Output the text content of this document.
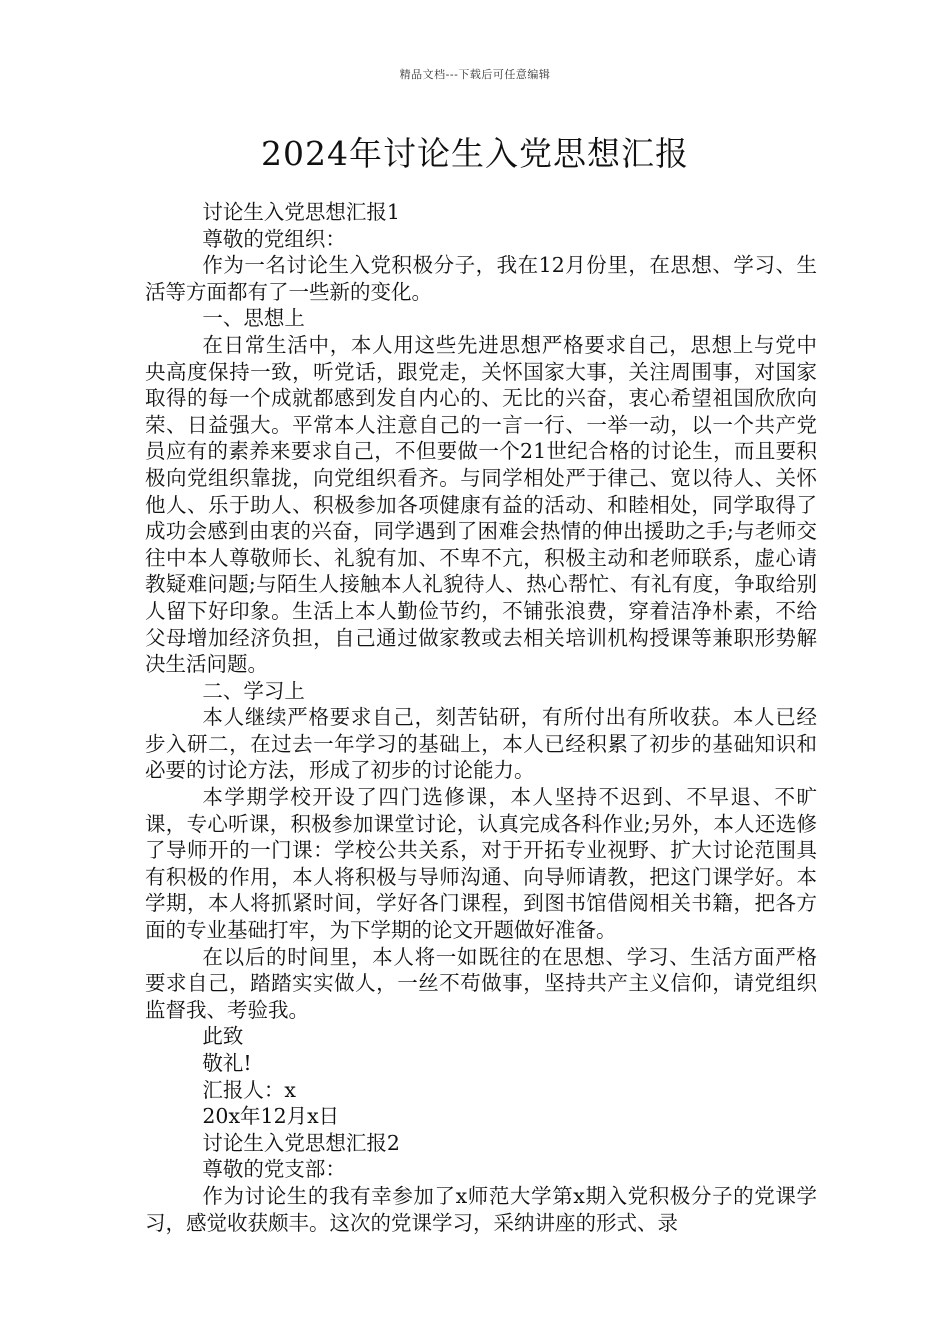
精品文档---下载后可任意编辑
2024年讨论生入党思想汇报

讨论生入党思想汇报1

尊敬的党组织：

作为一名讨论生入党积极分子，我在12月份里，在思想、学习、生活等方面都有了一些新的变化。

一、思想上

在日常生活中，本人用这些先进思想严格要求自己，思想上与党中央高度保持一致，听党话，跟党走，关怀国家大事，关注周围事，对国家取得的每一个成就都感到发自内心的、无比的兴奋，衷心希望祖国欣欣向荣、日益强大。平常本人注意自己的一言一行、一举一动，以一个共产党员应有的素养来要求自己，不但要做一个21世纪合格的讨论生，而且要积极向党组织靠拢，向党组织看齐。与同学相处严于律己、宽以待人、关怀他人、乐于助人、积极参加各项健康有益的活动、和睦相处，同学取得了成功会感到由衷的兴奋，同学遇到了困难会热情的伸出援助之手;与老师交往中本人尊敬师长、礼貌有加、不卑不亢，积极主动和老师联系，虚心请教疑难问题;与陌生人接触本人礼貌待人、热心帮忙、有礼有度，争取给别人留下好印象。生活上本人勤俭节约，不铺张浪费，穿着洁净朴素，不给父母增加经济负担，自己通过做家教或去相关培训机构授课等兼职形势解决生活问题。

二、学习上

本人继续严格要求自己，刻苦钻研，有所付出有所收获。本人已经步入研二，在过去一年学习的基础上，本人已经积累了初步的基础知识和必要的讨论方法，形成了初步的讨论能力。

本学期学校开设了四门选修课，本人坚持不迟到、不早退、不旷课，专心听课，积极参加课堂讨论，认真完成各科作业;另外，本人还选修了导师开的一门课：学校公共关系，对于开拓专业视野、扩大讨论范围具有积极的作用，本人将积极与导师沟通、向导师请教，把这门课学好。本学期，本人将抓紧时间，学好各门课程，到图书馆借阅相关书籍，把各方面的专业基础打牢，为下学期的论文开题做好准备。

在以后的时间里，本人将一如既往的在思想、学习、生活方面严格要求自己，踏踏实实做人，一丝不苟做事，坚持共产主义信仰，请党组织监督我、考验我。

此致

敬礼!

汇报人：x

20x年12月x日

讨论生入党思想汇报2

尊敬的党支部：

作为讨论生的我有幸参加了x师范大学第x期入党积极分子的党课学习，感觉收获颇丰。这次的党课学习，采纳讲座的形式、录
